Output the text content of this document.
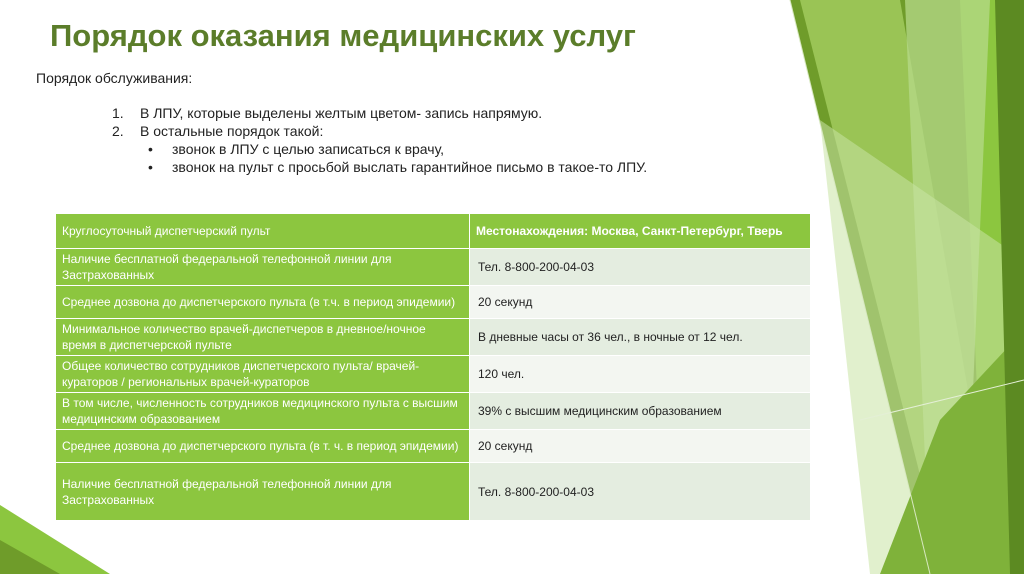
Порядок оказания медицинских услуг
Порядок обслуживания:
1.	В ЛПУ, которые выделены желтым цветом- запись напрямую.
2.	В остальные порядок такой:
• звонок в ЛПУ с целью записаться к врачу,
• звонок на пульт с просьбой выслать гарантийное письмо в такое-то ЛПУ.
Круглосуточный диспетчерский пульт	Местонахождения: Москва, Санкт-Петербург, Тверь
Наличие бесплатной федеральной телефонной линии для Застрахованных	Тел. 8-800-200-04-03
Среднее дозвона до диспетчерского пульта (в т.ч. в период эпидемии)	20 секунд
Минимальное количество врачей-диспетчеров в дневное/ночное время в диспетчерской пульте	В дневные часы от 36 чел., в ночные от 12 чел.
Общее количество сотрудников диспетчерского пульта/ врачей-кураторов / региональных врачей-кураторов	120 чел.
В том числе, численность сотрудников медицинского пульта с высшим медицинским образованием	39% с высшим медицинским образованием
Среднее дозвона до диспетчерского пульта (в т. ч. в период эпидемии)	20 секунд
Наличие бесплатной федеральной телефонной линии для Застрахованных	Тел. 8-800-200-04-03
